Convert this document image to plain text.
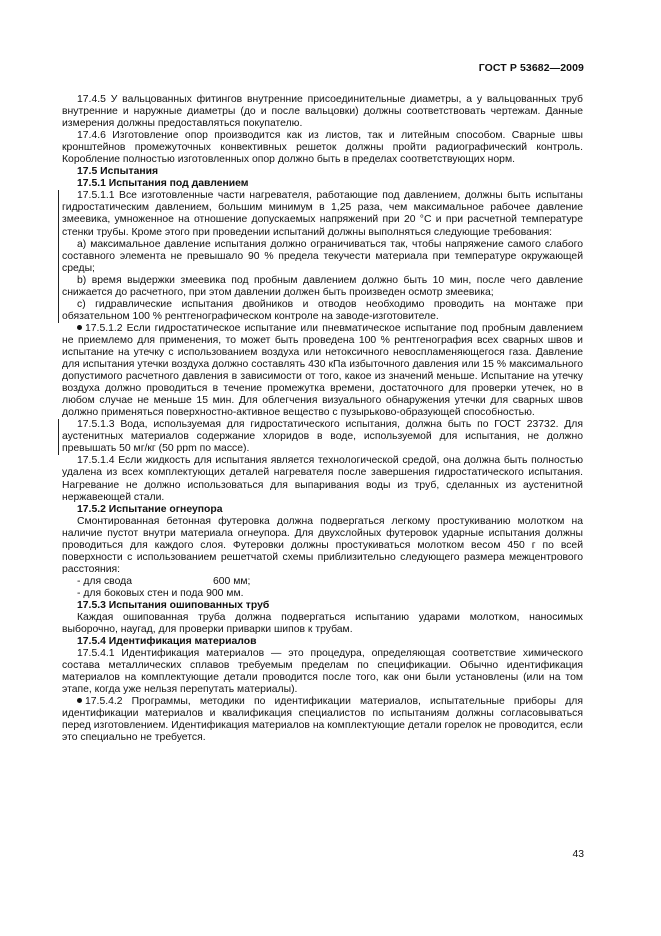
ГОСТ Р 53682—2009

17.4.5 У вальцованных фитингов внутренние присоединительные диаметры, а у вальцованных труб внутренние и наружные диаметры (до и после вальцовки) должны соответствовать чертежам. Данные измерения должны предоставляться покупателю.

17.4.6 Изготовление опор производится как из листов, так и литейным способом. Сварные швы кронштейнов промежуточных конвективных решеток должны пройти радиографический контроль. Коробление полностью изготовленных опор должно быть в пределах соответствующих норм.

17.5 Испытания

17.5.1 Испытания под давлением

17.5.1.1 Все изготовленные части нагревателя, работающие под давлением, должны быть испытаны гидростатическим давлением, большим минимум в 1,25 раза, чем максимальное рабочее давление змеевика, умноженное на отношение допускаемых напряжений при 20 °С и при расчетной температуре стенки трубы. Кроме этого при проведении испытаний должны выполняться следующие требования:

a) максимальное давление испытания должно ограничиваться так, чтобы напряжение самого слабого составного элемента не превышало 90 % предела текучести материала при температуре окружающей среды;

b) время выдержки змеевика под пробным давлением должно быть 10 мин, после чего давление снижается до расчетного, при этом давлении должен быть произведен осмотр змеевика;

c) гидравлические испытания двойников и отводов необходимо проводить на монтаже при обязательном 100 % рентгенографическом контроле на заводе-изготовителе.

17.5.1.2 Если гидростатическое испытание или пневматическое испытание под пробным давлением не приемлемо для применения, то может быть проведена 100 % рентгенография всех сварных швов и испытание на утечку с использованием воздуха или нетоксичного невоспламеняющегося газа. Давление для испытания утечки воздуха должно составлять 430 кПа избыточного давления или 15 % максимального допустимого расчетного давления в зависимости от того, какое из значений меньше. Испытание на утечку воздуха должно проводиться в течение промежутка времени, достаточного для проверки утечек, но в любом случае не меньше 15 мин. Для облегчения визуального обнаружения утечки для сварных швов должно применяться поверхностно-активное вещество с пузырьково-образующей способностью.

17.5.1.3 Вода, используемая для гидростатического испытания, должна быть по ГОСТ 23732. Для аустенитных материалов содержание хлоридов в воде, используемой для испытания, не должно превышать 50 мг/кг (50 ppm по массе).

17.5.1.4 Если жидкость для испытания является технологической средой, она должна быть полностью удалена из всех комплектующих деталей нагревателя после завершения гидростатического испытания. Нагревание не должно использоваться для выпаривания воды из труб, сделанных из аустенитной нержавеющей стали.

17.5.2 Испытание огнеупора

Смонтированная бетонная футеровка должна подвергаться легкому простукиванию молотком на наличие пустот внутри материала огнеупора. Для двухслойных футеровок ударные испытания должны проводиться для каждого слоя. Футеровки должны простукиваться молотком весом 450 г по всей поверхности с использованием решетчатой схемы приблизительно следующего размера межцентрового расстояния:

- для свода	600 мм;
- для боковых стен и пода
900 мм.

17.5.3 Испытания ошипованных труб

Каждая ошипованная труба должна подвергаться испытанию ударами молотком, наносимых выборочно, наугад, для проверки приварки шипов к трубам.

17.5.4 Идентификация материалов

17.5.4.1 Идентификация материалов — это процедура, определяющая соответствие химического состава металлических сплавов требуемым пределам по спецификации. Обычно идентификация материалов на комплектующие детали проводится после того, как они были установлены (или на том этапе, когда уже нельзя перепутать материалы).

17.5.4.2 Программы, методики по идентификации материалов, испытательные приборы для идентификации материалов и квалификация специалистов по испытаниям должны согласовываться перед изготовлением. Идентификация материалов на комплектующие детали горелок не проводится, если это специально не требуется.

43
